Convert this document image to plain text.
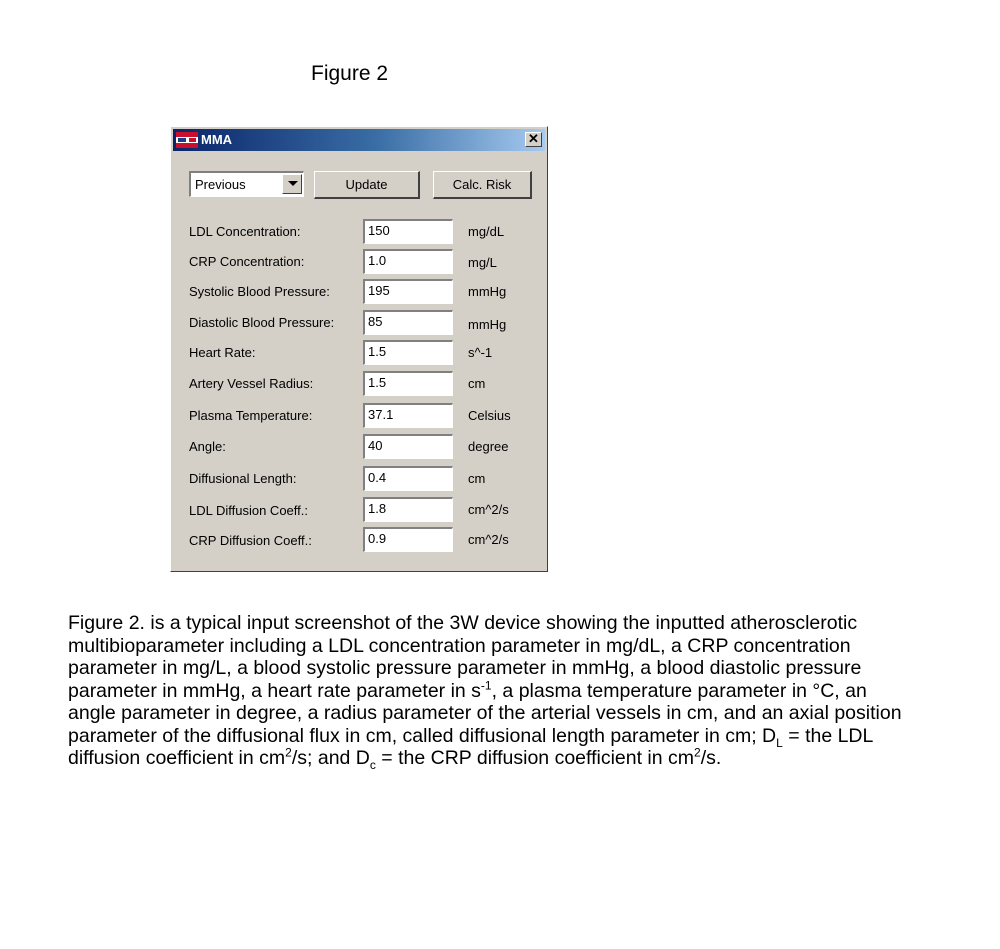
Figure 2
MMA	✕
Previous	Update	Calc. Risk
LDL Concentration:	150	mg/dL
CRP Concentration:	1.0	mg/L
Systolic Blood Pressure:	195	mmHg
Diastolic Blood Pressure:	85	mmHg
Heart Rate:	1.5	s^-1
Artery Vessel Radius:	1.5	cm
Plasma Temperature:	37.1	Celsius
Angle:	40	degree
Diffusional Length:	0.4	cm
LDL Diffusion Coeff.:	1.8	cm^2/s
CRP Diffusion Coeff.:	0.9	cm^2/s

Figure 2. is a typical input screenshot of the 3W device showing the inputted atherosclerotic multibioparameter including a LDL concentration parameter in mg/dL, a CRP concentration parameter in mg/L, a blood systolic pressure parameter in mmHg, a blood diastolic pressure parameter in mmHg, a heart rate parameter in $s^{-1}$, a plasma temperature parameter in °C, an angle parameter in degree, a radius parameter of the arterial vessels in cm, and an axial position parameter of the diffusional flux in cm, called diffusional length parameter in cm; $D_L$ = the LDL diffusion coefficient in $cm^2/s$; and $D_c$ = the CRP diffusion coefficient in $cm^2/s$.
